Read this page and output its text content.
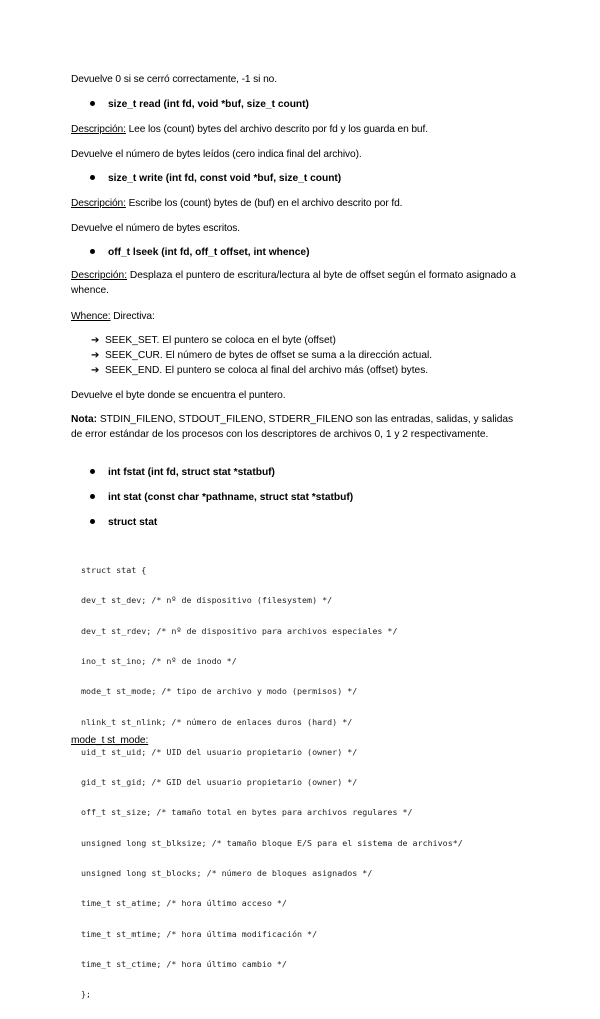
Devuelve 0 si se cerró correctamente, -1 si no.
size_t read (int fd, void *buf, size_t count)
Descripción: Lee los (count) bytes del archivo descrito por fd y los guarda en buf.
Devuelve el número de bytes leídos (cero indica final del archivo).
size_t write (int fd, const void *buf, size_t count)
Descripción: Escribe los (count) bytes de (buf) en el archivo descrito por fd.
Devuelve el número de bytes escritos.
off_t lseek (int fd, off_t offset, int whence)
Descripción: Desplaza el puntero de escritura/lectura al byte de offset según el formato asignado a whence.
Whence: Directiva:
➔ SEEK_SET. El puntero se coloca en el byte (offset)
➔ SEEK_CUR. El número de bytes de offset se suma a la dirección actual.
➔ SEEK_END. El puntero se coloca al final del archivo más (offset) bytes.
Devuelve el byte donde se encuentra el puntero.
Nota: STDIN_FILENO, STDOUT_FILENO, STDERR_FILENO son las entradas, salidas, y salidas de error estándar de los procesos con los descriptores de archivos 0, 1 y 2 respectivamente.
int fstat (int fd, struct stat *statbuf)
int stat (const char *pathname, struct stat *statbuf)
struct stat

struct stat {

dev_t st_dev; /* nº de dispositivo (filesystem) */

dev_t st_rdev; /* nº de dispositivo para archivos especiales */

ino_t st_ino; /* nº de inodo */

mode_t st_mode; /* tipo de archivo y modo (permisos) */

nlink_t st_nlink; /* número de enlaces duros (hard) */

uid_t st_uid; /* UID del usuario propietario (owner) */

gid_t st_gid; /* GID del usuario propietario (owner) */

off_t st_size; /* tamaño total en bytes para archivos regulares */

unsigned long st_blksize; /* tamaño bloque E/S para el sistema de archivos*/

unsigned long st_blocks; /* número de bloques asignados */

time_t st_atime; /* hora último acceso */

time_t st_mtime; /* hora última modificación */

time_t st_ctime; /* hora último cambio */

};

mode_t st_mode:
